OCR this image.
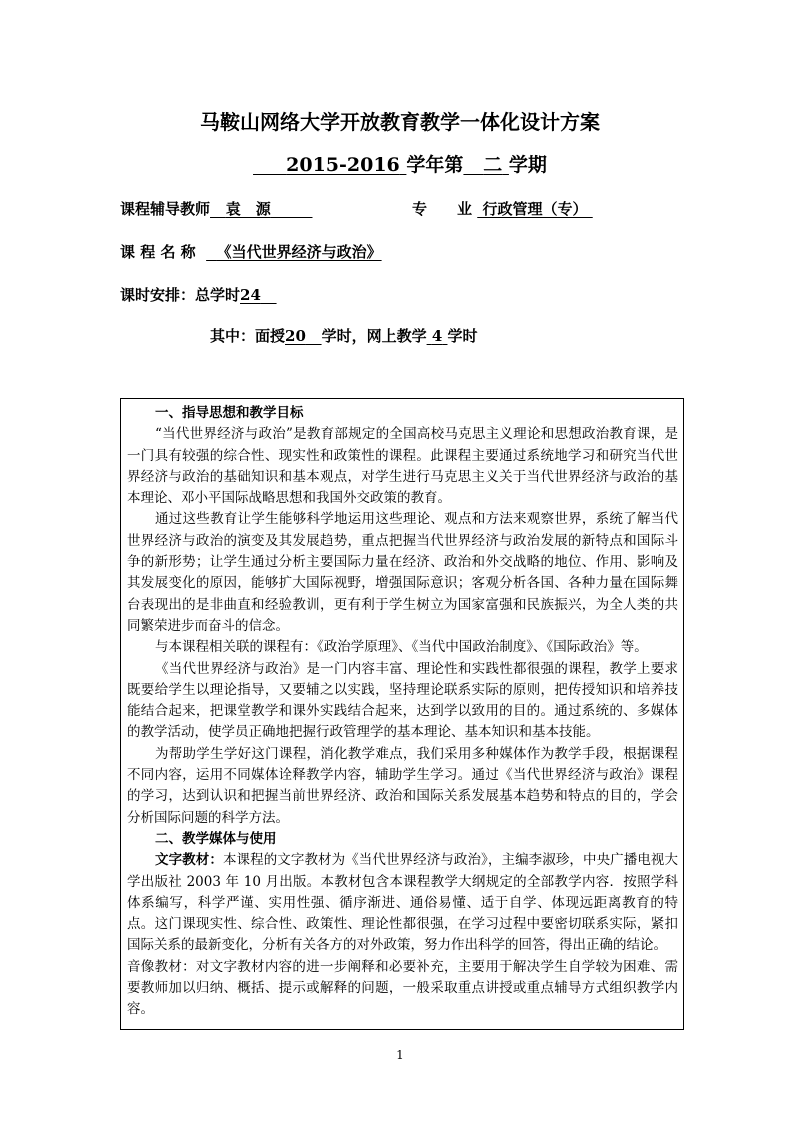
马鞍山网络大学开放教育教学一体化设计方案
2015-2016 学年第 二 学期
课程辅导教师 袁　源	专　　业 行政管理（专）
课 程 名 称 《当代世界经济与政治》
课时安排：总学时24
其中：面授20 学时，网上教学 4 学时

一、指导思想和教学目标

“当代世界经济与政治”是教育部规定的全国高校马克思主义理论和思想政治教育课，是一门具有较强的综合性、现实性和政策性的课程。此课程主要通过系统地学习和研究当代世界经济与政治的基础知识和基本观点，对学生进行马克思主义关于当代世界经济与政治的基本理论、邓小平国际战略思想和我国外交政策的教育。

通过这些教育让学生能够科学地运用这些理论、观点和方法来观察世界，系统了解当代世界经济与政治的演变及其发展趋势，重点把握当代世界经济与政治发展的新特点和国际斗争的新形势；让学生通过分析主要国际力量在经济、政治和外交战略的地位、作用、影响及其发展变化的原因，能够扩大国际视野，增强国际意识；客观分析各国、各种力量在国际舞台表现出的是非曲直和经验教训，更有利于学生树立为国家富强和民族振兴，为全人类的共同繁荣进步而奋斗的信念。

与本课程相关联的课程有：《政治学原理》、《当代中国政治制度》、《国际政治》等。

《当代世界经济与政治》是一门内容丰富、理论性和实践性都很强的课程，教学上要求既要给学生以理论指导，又要辅之以实践，坚持理论联系实际的原则，把传授知识和培养技能结合起来，把课堂教学和课外实践结合起来，达到学以致用的目的。通过系统的、多媒体的教学活动，使学员正确地把握行政管理学的基本理论、基本知识和基本技能。

为帮助学生学好这门课程，消化教学难点，我们采用多种媒体作为教学手段，根据课程不同内容，运用不同媒体诠释教学内容，辅助学生学习。通过《当代世界经济与政治》课程的学习，达到认识和把握当前世界经济、政治和国际关系发展基本趋势和特点的目的，学会分析国际问题的科学方法。

二、教学媒体与使用

文字教材：本课程的文字教材为《当代世界经济与政治》，主编李淑珍，中央广播电视大学出版社 2003 年 10 月出版。本教材包含本课程教学大纲规定的全部教学内容．按照学科体系编写，科学严谨、实用性强、循序渐进、通俗易懂、适于自学、体现远距离教育的特点。这门课现实性、综合性、政策性、理论性都很强，在学习过程中要密切联系实际，紧扣国际关系的最新变化，分析有关各方的对外政策，努力作出科学的回答，得出正确的结论。

音像教材：对文字教材内容的进一步阐释和必要补充，主要用于解决学生自学较为困难、需要教师加以归纳、概括、提示或解释的问题，一般采取重点讲授或重点辅导方式组织教学内容。

1
